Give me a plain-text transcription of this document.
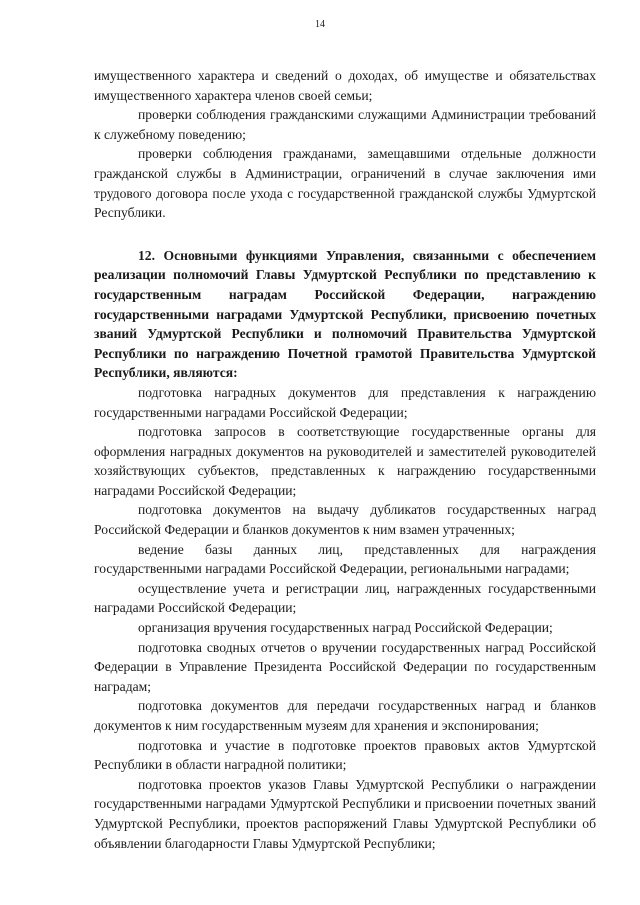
14

имущественного характера и сведений о доходах, об имуществе и обязательствах имущественного характера членов своей семьи;

проверки соблюдения гражданскими служащими Администрации требований к служебному поведению;

проверки соблюдения гражданами, замещавшими отдельные должности гражданской службы в Администрации, ограничений в случае заключения ими трудового договора после ухода с государственной гражданской службы Удмуртской Республики.

12. Основными функциями Управления, связанными с обеспечением реализации полномочий Главы Удмуртской Республики по представлению к государственным наградам Российской Федерации, награждению государственными наградами Удмуртской Республики, присвоению почетных званий Удмуртской Республики и полномочий Правительства Удмуртской Республики по награждению Почетной грамотой Правительства Удмуртской Республики, являются:

подготовка наградных документов для представления к награждению государственными наградами Российской Федерации;

подготовка запросов в соответствующие государственные органы для оформления наградных документов на руководителей и заместителей руководителей хозяйствующих субъектов, представленных к награждению государственными наградами Российской Федерации;

подготовка документов на выдачу дубликатов государственных наград Российской Федерации и бланков документов к ним взамен утраченных;

ведение базы данных лиц, представленных для награждения государственными наградами Российской Федерации, региональными наградами;

осуществление учета и регистрации лиц, награжденных государственными наградами Российской Федерации;

организация вручения государственных наград Российской Федерации;

подготовка сводных отчетов о вручении государственных наград Российской Федерации в Управление Президента Российской Федерации по государственным наградам;

подготовка документов для передачи государственных наград и бланков документов к ним государственным музеям для хранения и экспонирования;

подготовка и участие в подготовке проектов правовых актов Удмуртской Республики в области наградной политики;

подготовка проектов указов Главы Удмуртской Республики о награждении государственными наградами Удмуртской Республики и присвоении почетных званий Удмуртской Республики, проектов распоряжений Главы Удмуртской Республики об объявлении благодарности Главы Удмуртской Республики;
